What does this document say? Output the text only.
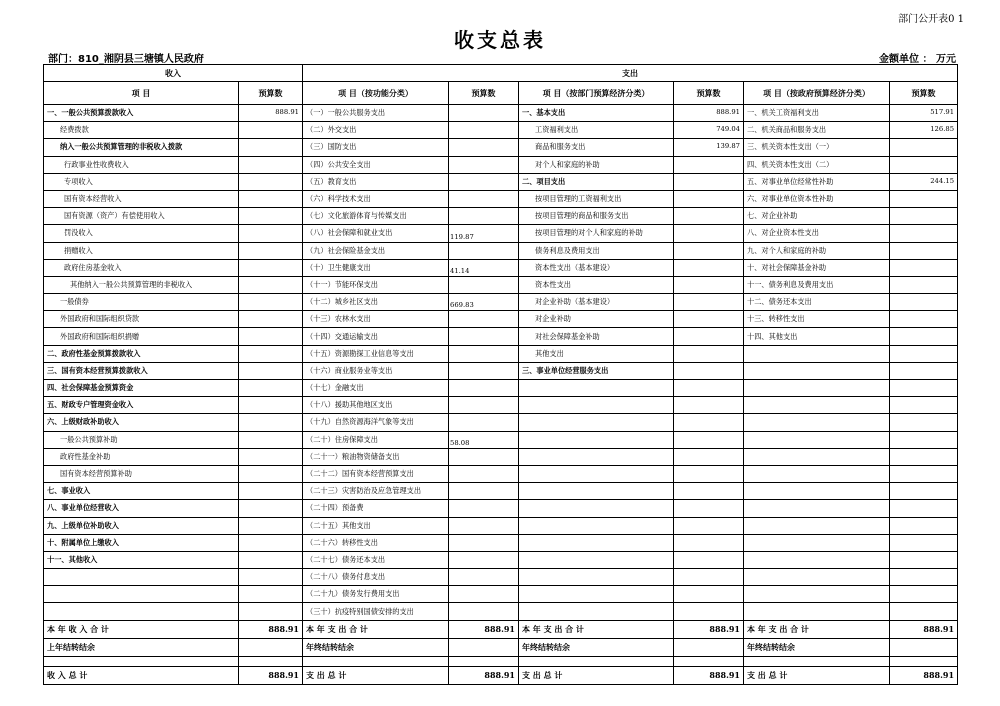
部门公开表0 1
收支总表
部门：810_湘阴县三塘镇人民政府	金额单位 ： 万元
收入		支出					
项 目	预算数	项 目（按功能分类）	预算数	项 目（按部门预算经济分类）	预算数	项 目（按政府预算经济分类）	预算数
一、一般公共预算拨款收入	888.91	（一）一般公共服务支出		一、基本支出	888.91	一、机关工资福利支出	517.91
经费拨款		（二）外交支出		工资福利支出	749.04	二、机关商品和服务支出	126.85
纳入一般公共预算管理的非税收入拨款		（三）国防支出		商品和服务支出	139.87	三、机关资本性支出（一）	
行政事业性收费收入		（四）公共安全支出		对个人和家庭的补助		四、机关资本性支出（二）	
专项收入		（五）教育支出		二、项目支出		五、对事业单位经常性补助	244.15
国有资本经营收入		（六）科学技术支出		按项目管理的工资福利支出		六、对事业单位资本性补助	
国有资源（资产）有偿使用收入		（七）文化旅游体育与传媒支出		按项目管理的商品和服务支出		七、对企业补助	
罚没收入		（八）社会保障和就业支出	119.87	按项目管理的对个人和家庭的补助		八、对企业资本性支出	
捐赠收入		（九）社会保险基金支出		债务利息及费用支出		九、对个人和家庭的补助	
政府住房基金收入		（十）卫生健康支出	41.14	资本性支出（基本建设）		十、对社会保障基金补助	
其他纳入一般公共预算管理的非税收入		（十一）节能环保支出		资本性支出		十一、债务利息及费用支出	
一般债券		（十二）城乡社区支出	669.83	对企业补助（基本建设）		十二、债务还本支出	
外国政府和国际组织贷款		（十三）农林水支出		对企业补助		十三、转移性支出	
外国政府和国际组织捐赠		（十四）交通运输支出		对社会保障基金补助		十四、其他支出	
二、政府性基金预算拨款收入		（十五）资源勘探工业信息等支出		其他支出			
三、国有资本经营预算拨款收入		（十六）商业服务业等支出		三、事业单位经营服务支出			
四、社会保障基金预算资金		（十七）金融支出					
五、财政专户管理资金收入		（十八）援助其他地区支出					
六、上级财政补助收入		（十九）自然资源海洋气象等支出					
一般公共预算补助		（二十）住房保障支出	58.08				
政府性基金补助		（二十一）粮油物资储备支出					
国有资本经营预算补助		（二十二）国有资本经营预算支出					
七、事业收入		（二十三）灾害防治及应急管理支出					
八、事业单位经营收入		（二十四）预备费					
九、上级单位补助收入		（二十五）其他支出					
十、附属单位上缴收入		（二十六）转移性支出					
十一、其他收入		（二十七）债务还本支出					
		（二十八）债务付息支出					
		（二十九）债务发行费用支出					
		（三十）抗疫特别国债安排的支出					
本 年 收 入 合 计	888.91	本 年 支 出 合 计	888.91	本 年 支 出 合 计	888.91	本 年 支 出 合 计	888.91
上年结转结余		年终结转结余		年终结转结余		年终结转结余	

收 入 总 计	888.91	支 出 总 计	888.91	支 出 总 计	888.91	支 出 总 计	888.91
